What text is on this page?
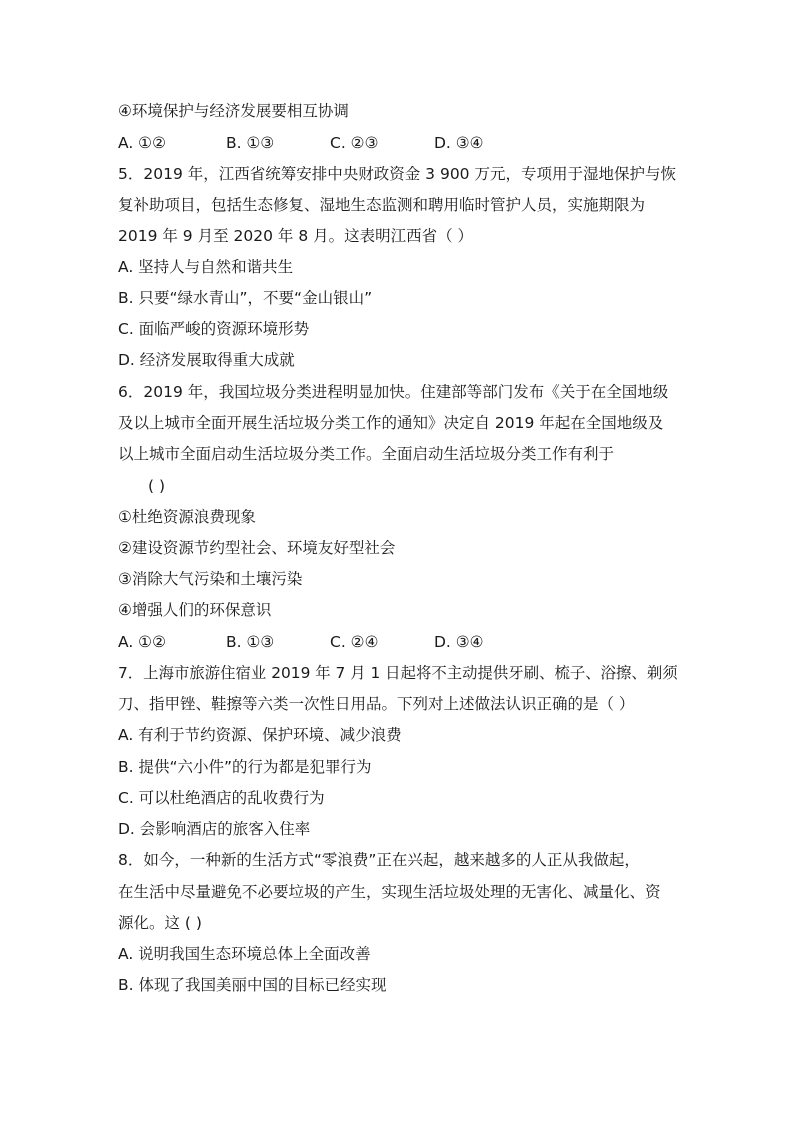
④环境保护与经济发展要相互协调
A. ①②	B. ①③	C. ②③	D. ③④
5．2019 年，江西省统筹安排中央财政资金 3 900 万元，专项用于湿地保护与恢
复补助项目，包括生态修复、湿地生态监测和聘用临时管护人员，实施期限为
2019 年 9 月至 2020 年 8 月。这表明江西省（ ）
A. 坚持人与自然和谐共生
B. 只要“绿水青山”，不要“金山银山”
C. 面临严峻的资源环境形势
D. 经济发展取得重大成就
6．2019 年，我国垃圾分类进程明显加快。住建部等部门发布《关于在全国地级
及以上城市全面开展生活垃圾分类工作的通知》决定自 2019 年起在全国地级及
以上城市全面启动生活垃圾分类工作。全面启动生活垃圾分类工作有利于
( )
①杜绝资源浪费现象
②建设资源节约型社会、环境友好型社会
③消除大气污染和土壤污染
④增强人们的环保意识
A. ①②	B. ①③	C. ②④	D. ③④
7．上海市旅游住宿业 2019 年 7 月 1 日起将不主动提供牙刷、梳子、浴擦、剃须
刀、指甲锉、鞋擦等六类一次性日用品。下列对上述做法认识正确的是（ ）
A. 有利于节约资源、保护环境、减少浪费
B. 提供“六小件”的行为都是犯罪行为
C. 可以杜绝酒店的乱收费行为
D. 会影响酒店的旅客入住率
8．如今，一种新的生活方式“零浪费”正在兴起，越来越多的人正从我做起，
在生活中尽量避免不必要垃圾的产生，实现生活垃圾处理的无害化、减量化、资
源化。这 ( )
A. 说明我国生态环境总体上全面改善
B. 体现了我国美丽中国的目标已经实现
